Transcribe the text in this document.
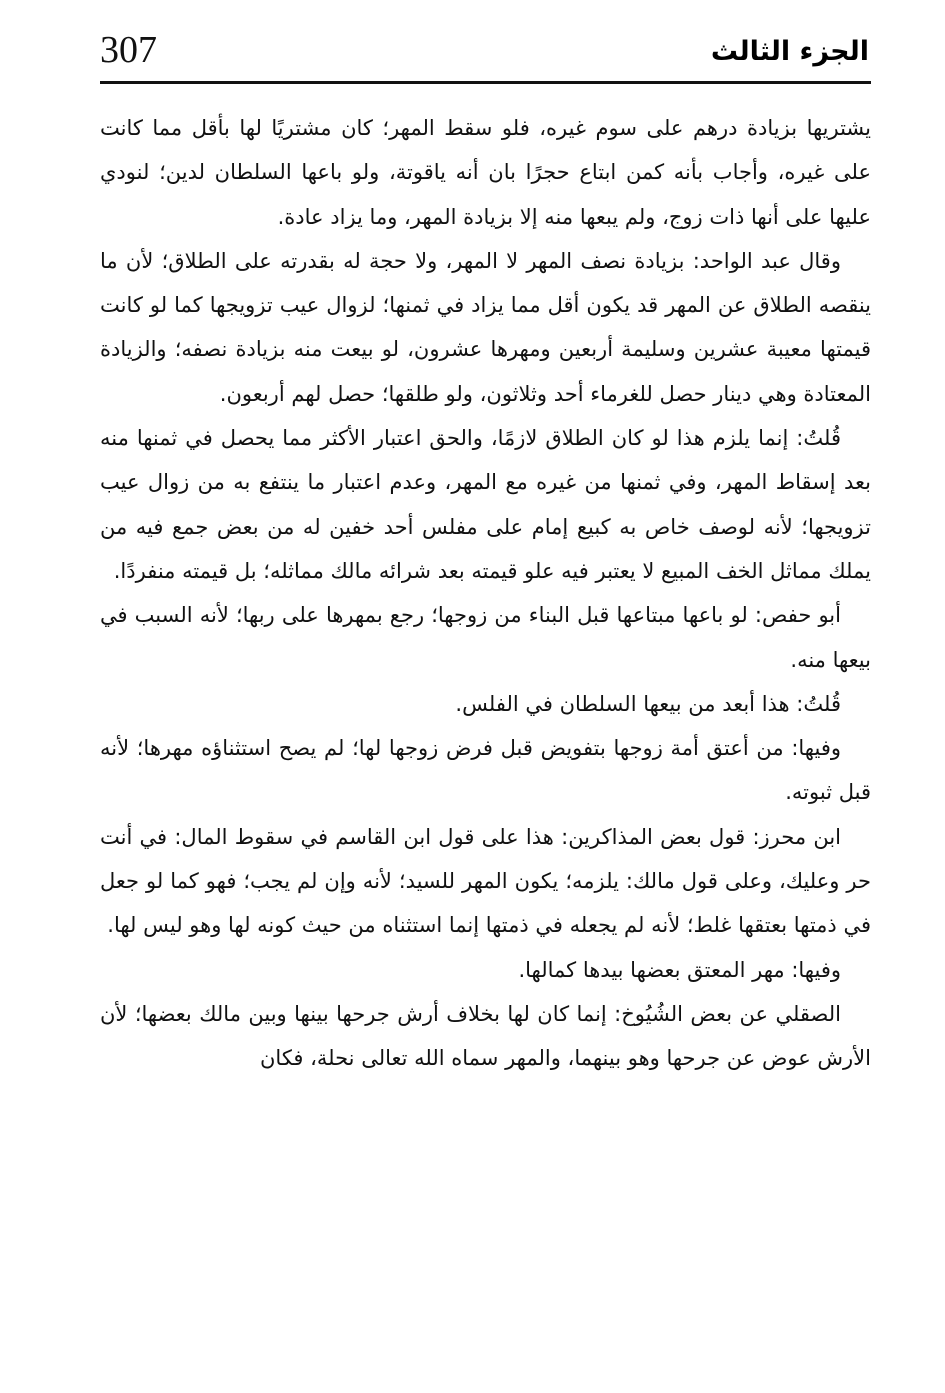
307	الجزء الثالث

يشتريها بزيادة درهم على سوم غيره، فلو سقط المهر؛ كان مشتريًا لها بأقل مما كانت على غيره، وأجاب بأنه كمن ابتاع حجرًا بان أنه ياقوتة، ولو باعها السلطان لدين؛ لنودي عليها على أنها ذات زوج، ولم يبعها منه إلا بزيادة المهر، وما يزاد عادة.

وقال عبد الواحد: بزيادة نصف المهر لا المهر، ولا حجة له بقدرته على الطلاق؛ لأن ما ينقصه الطلاق عن المهر قد يكون أقل مما يزاد في ثمنها؛ لزوال عيب تزويجها كما لو كانت قيمتها معيبة عشرين وسليمة أربعين ومهرها عشرون، لو بيعت منه بزيادة نصفه؛ والزيادة المعتادة وهي دينار حصل للغرماء أحد وثلاثون، ولو طلقها؛ حصل لهم أربعون.

قُلتُ: إنما يلزم هذا لو كان الطلاق لازمًا، والحق اعتبار الأكثر مما يحصل في ثمنها منه بعد إسقاط المهر، وفي ثمنها من غيره مع المهر، وعدم اعتبار ما ينتفع به من زوال عيب تزويجها؛ لأنه لوصف خاص به كبيع إمام على مفلس أحد خفين له من بعض جمع فيه من يملك مماثل الخف المبيع لا يعتبر فيه علو قيمته بعد شرائه مالك مماثله؛ بل قيمته منفردًا.

أبو حفص: لو باعها مبتاعها قبل البناء من زوجها؛ رجع بمهرها على ربها؛ لأنه السبب في بيعها منه.

قُلتُ: هذا أبعد من بيعها السلطان في الفلس.

وفيها: من أعتق أمة زوجها بتفويض قبل فرض زوجها لها؛ لم يصح استثناؤه مهرها؛ لأنه قبل ثبوته.

ابن محرز: قول بعض المذاكرين: هذا على قول ابن القاسم في سقوط المال: في أنت حر وعليك، وعلى قول مالك: يلزمه؛ يكون المهر للسيد؛ لأنه وإن لم يجب؛ فهو كما لو جعل في ذمتها بعتقها غلط؛ لأنه لم يجعله في ذمتها إنما استثناه من حيث كونه لها وهو ليس لها.

وفيها: مهر المعتق بعضها بيدها كمالها.

الصقلي عن بعض الشُيُوخ: إنما كان لها بخلاف أرش جرحها بينها وبين مالك بعضها؛ لأن الأرش عوض عن جرحها وهو بينهما، والمهر سماه الله تعالى نحلة، فكان
